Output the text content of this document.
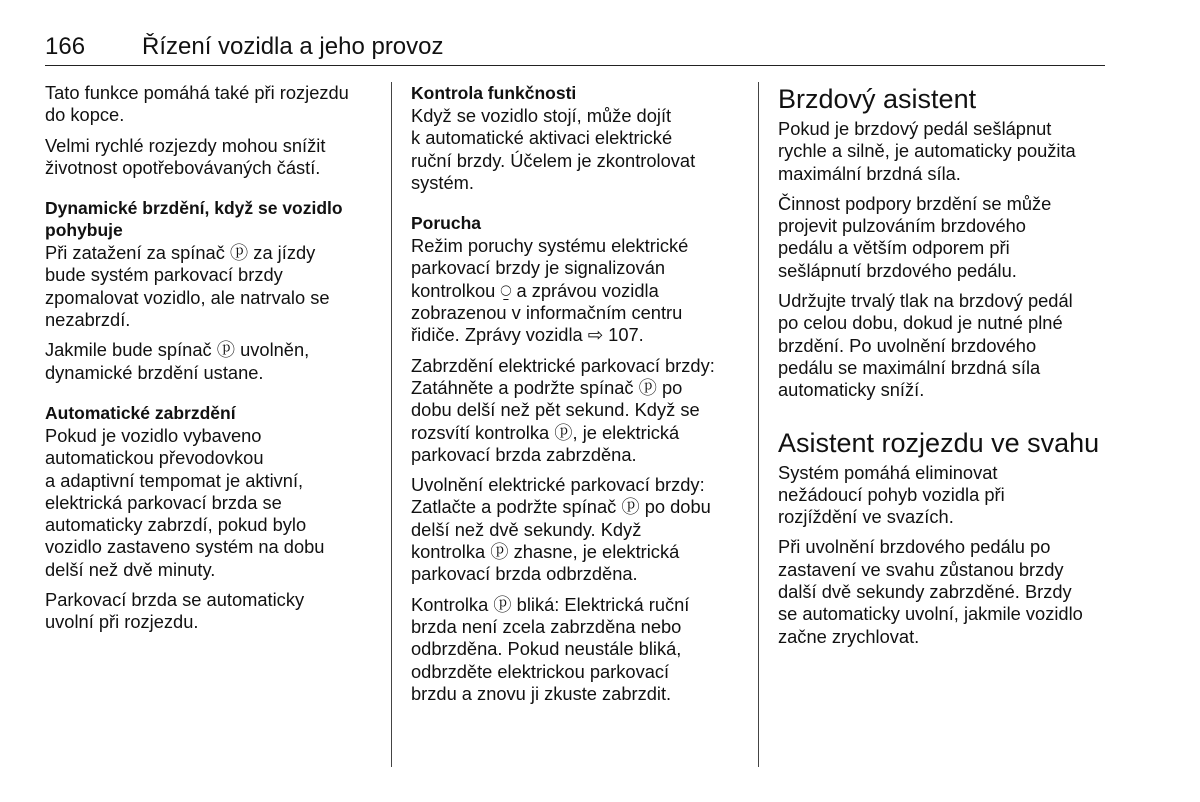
166 Řízení vozidla a jeho provoz

Tato funkce pomáhá také při rozjezdu
do kopce.

Velmi rychlé rozjezdy mohou snížit
životnost opotřebovávaných částí.

Dynamické brzdění, když se vozidlo
pohybuje

Při zatažení za spínač ⓟ za jízdy
bude systém parkovací brzdy
zpomalovat vozidlo, ale natrvalo se
nezabrzdí.

Jakmile bude spínač ⓟ uvolněn,
dynamické brzdění ustane.

Automatické zabrzdění

Pokud je vozidlo vybaveno
automatickou převodovkou
a adaptivní tempomat je aktivní,
elektrická parkovací brzda se
automaticky zabrzdí, pokud bylo
vozidlo zastaveno systém na dobu
delší než dvě minuty.

Parkovací brzda se automaticky
uvolní při rozjezdu.

Kontrola funkčnosti

Když se vozidlo stojí, může dojít
k automatické aktivaci elektrické
ruční brzdy. Účelem je zkontrolovat
systém.

Porucha

Režim poruchy systému elektrické
parkovací brzdy je signalizován
kontrolkou ⍜ a zprávou vozidla
zobrazenou v informačním centru
řidiče. Zprávy vozidla ⇨ 107.

Zabrzdění elektrické parkovací brzdy:
Zatáhněte a podržte spínač ⓟ po
dobu delší než pět sekund. Když se
rozsvítí kontrolka ⓟ, je elektrická
parkovací brzda zabrzděna.

Uvolnění elektrické parkovací brzdy:
Zatlačte a podržte spínač ⓟ po dobu
delší než dvě sekundy. Když
kontrolka ⓟ zhasne, je elektrická
parkovací brzda odbrzděna.

Kontrolka ⓟ bliká: Elektrická ruční
brzda není zcela zabrzděna nebo
odbrzděna. Pokud neustále bliká,
odbrzděte elektrickou parkovací
brzdu a znovu ji zkuste zabrzdit.

Brzdový asistent

Pokud je brzdový pedál sešlápnut
rychle a silně, je automaticky použita
maximální brzdná síla.

Činnost podpory brzdění se může
projevit pulzováním brzdového
pedálu a větším odporem při
sešlápnutí brzdového pedálu.

Udržujte trvalý tlak na brzdový pedál
po celou dobu, dokud je nutné plné
brzdění. Po uvolnění brzdového
pedálu se maximální brzdná síla
automaticky sníží.

Asistent rozjezdu ve svahu

Systém pomáhá eliminovat
nežádoucí pohyb vozidla při
rozjíždění ve svazích.

Při uvolnění brzdového pedálu po
zastavení ve svahu zůstanou brzdy
další dvě sekundy zabrzděné. Brzdy
se automaticky uvolní, jakmile vozidlo
začne zrychlovat.
